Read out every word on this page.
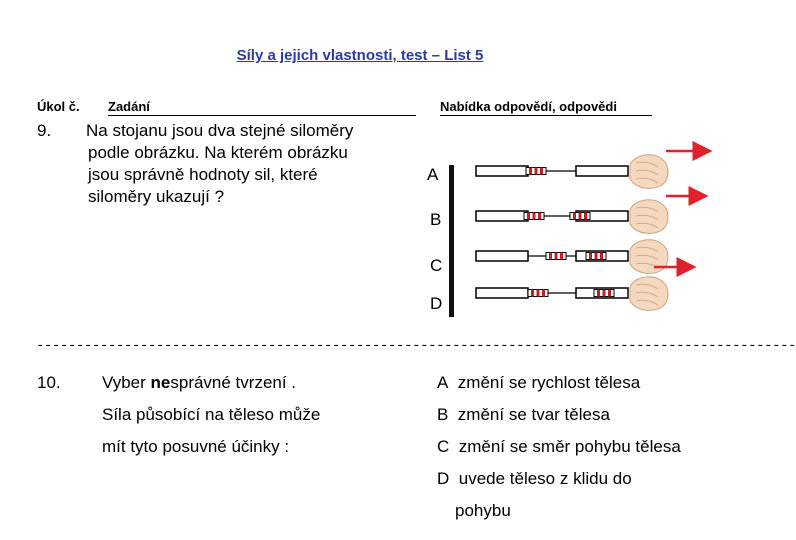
Síly a jejich vlastnosti, test – List 5
Úkol č. Zadání	Nabídka odpovědí, odpovědi
9. Na stojanu jsou dva stejné siloměry
podle obrázku. Na kterém obrázku
jsou správně hodnoty sil, které
siloměry ukazují ?
A
B
C
D
-----------------------------------------------------------------------------------------------
10. Vyber nesprávné tvrzení .
Síla působící na těleso může
mít tyto posuvné účinky :
A změní se rychlost tělesa
B změní se tvar tělesa
C změní se směr pohybu tělesa
D uvede těleso z klidu do
pohybu
